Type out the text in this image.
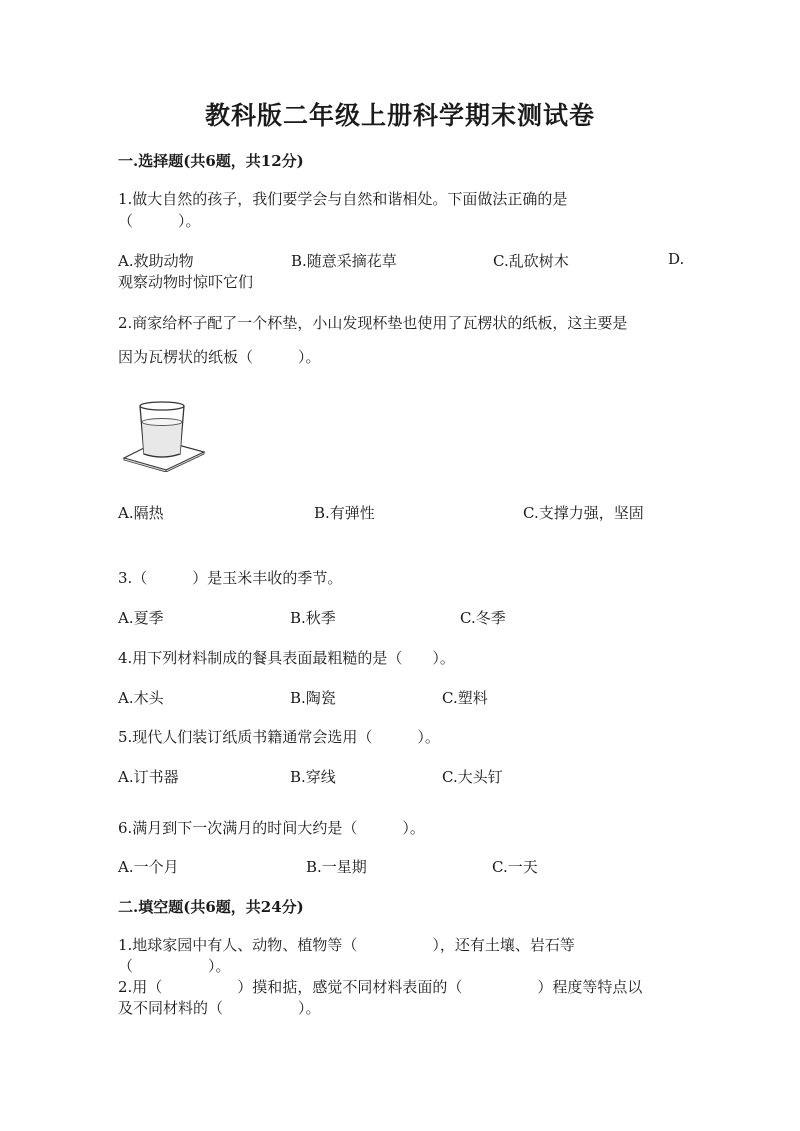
教科版二年级上册科学期末测试卷
一.选择题(共6题，共12分)
1.做大自然的孩子，我们要学会与自然和谐相处。下面做法正确的是
（　　　）。
A.救助动物	B.随意采摘花草	C.乱砍树木	D.
观察动物时惊吓它们
2.商家给杯子配了一个杯垫，小山发现杯垫也使用了瓦楞状的纸板，这主要是
因为瓦楞状的纸板（　　　）。
A.隔热	B.有弹性	C.支撑力强，坚固
3.（　　　）是玉米丰收的季节。
A.夏季	B.秋季	C.冬季
4.用下列材料制成的餐具表面最粗糙的是（　　）。
A.木头	B.陶瓷	C.塑料
5.现代人们装订纸质书籍通常会选用（　　　）。
A.订书器	B.穿线	C.大头钉
6.满月到下一次满月的时间大约是（　　　）。
A.一个月	B.一星期	C.一天
二.填空题(共6题，共24分)
1.地球家园中有人、动物、植物等（　　　　　），还有土壤、岩石等
（　　　　　）。
2.用（　　　　　）摸和掂，感觉不同材料表面的（　　　　　）程度等特点以
及不同材料的（　　　　　）。
